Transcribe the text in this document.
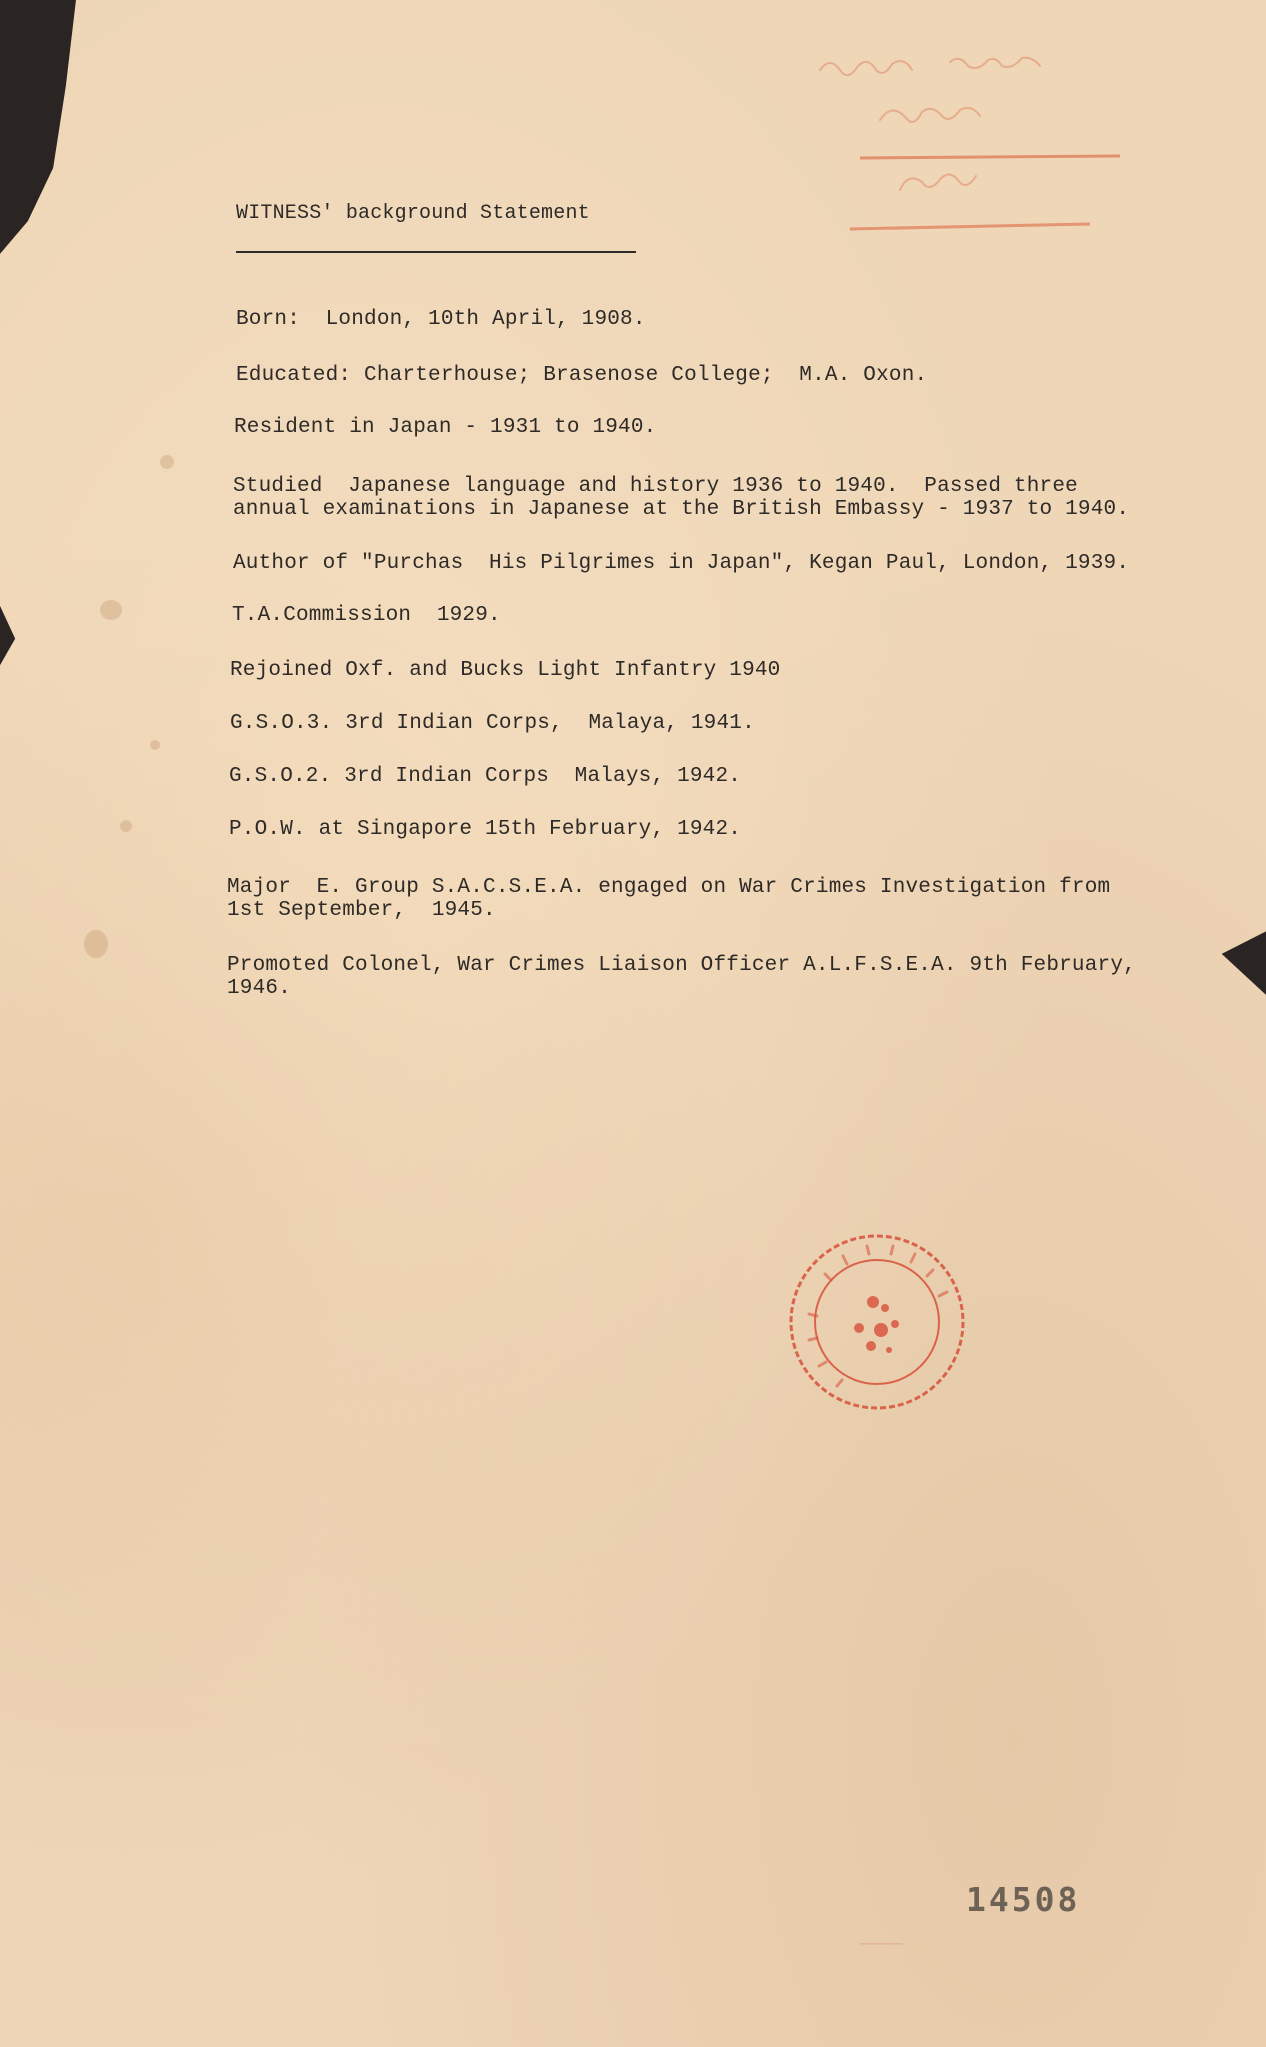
WITNESS' background Statement
Born:  London, 10th April, 1908.
Educated: Charterhouse; Brasenose College;  M.A. Oxon.
Resident in Japan - 1931 to 1940.
Studied  Japanese language and history 1936 to 1940.  Passed three
annual examinations in Japanese at the British Embassy - 1937 to 1940.
Author of "Purchas  His Pilgrimes in Japan", Kegan Paul, London, 1939.
T.A.Commission  1929.
Rejoined Oxf. and Bucks Light Infantry 1940
G.S.O.3. 3rd Indian Corps,  Malaya, 1941.
G.S.O.2. 3rd Indian Corps  Malays, 1942.
P.O.W. at Singapore 15th February, 1942.
Major  E. Group S.A.C.S.E.A. engaged on War Crimes Investigation from
1st September,  1945.
Promoted Colonel, War Crimes Liaison Officer A.L.F.S.E.A. 9th February,
1946.
14508
───
